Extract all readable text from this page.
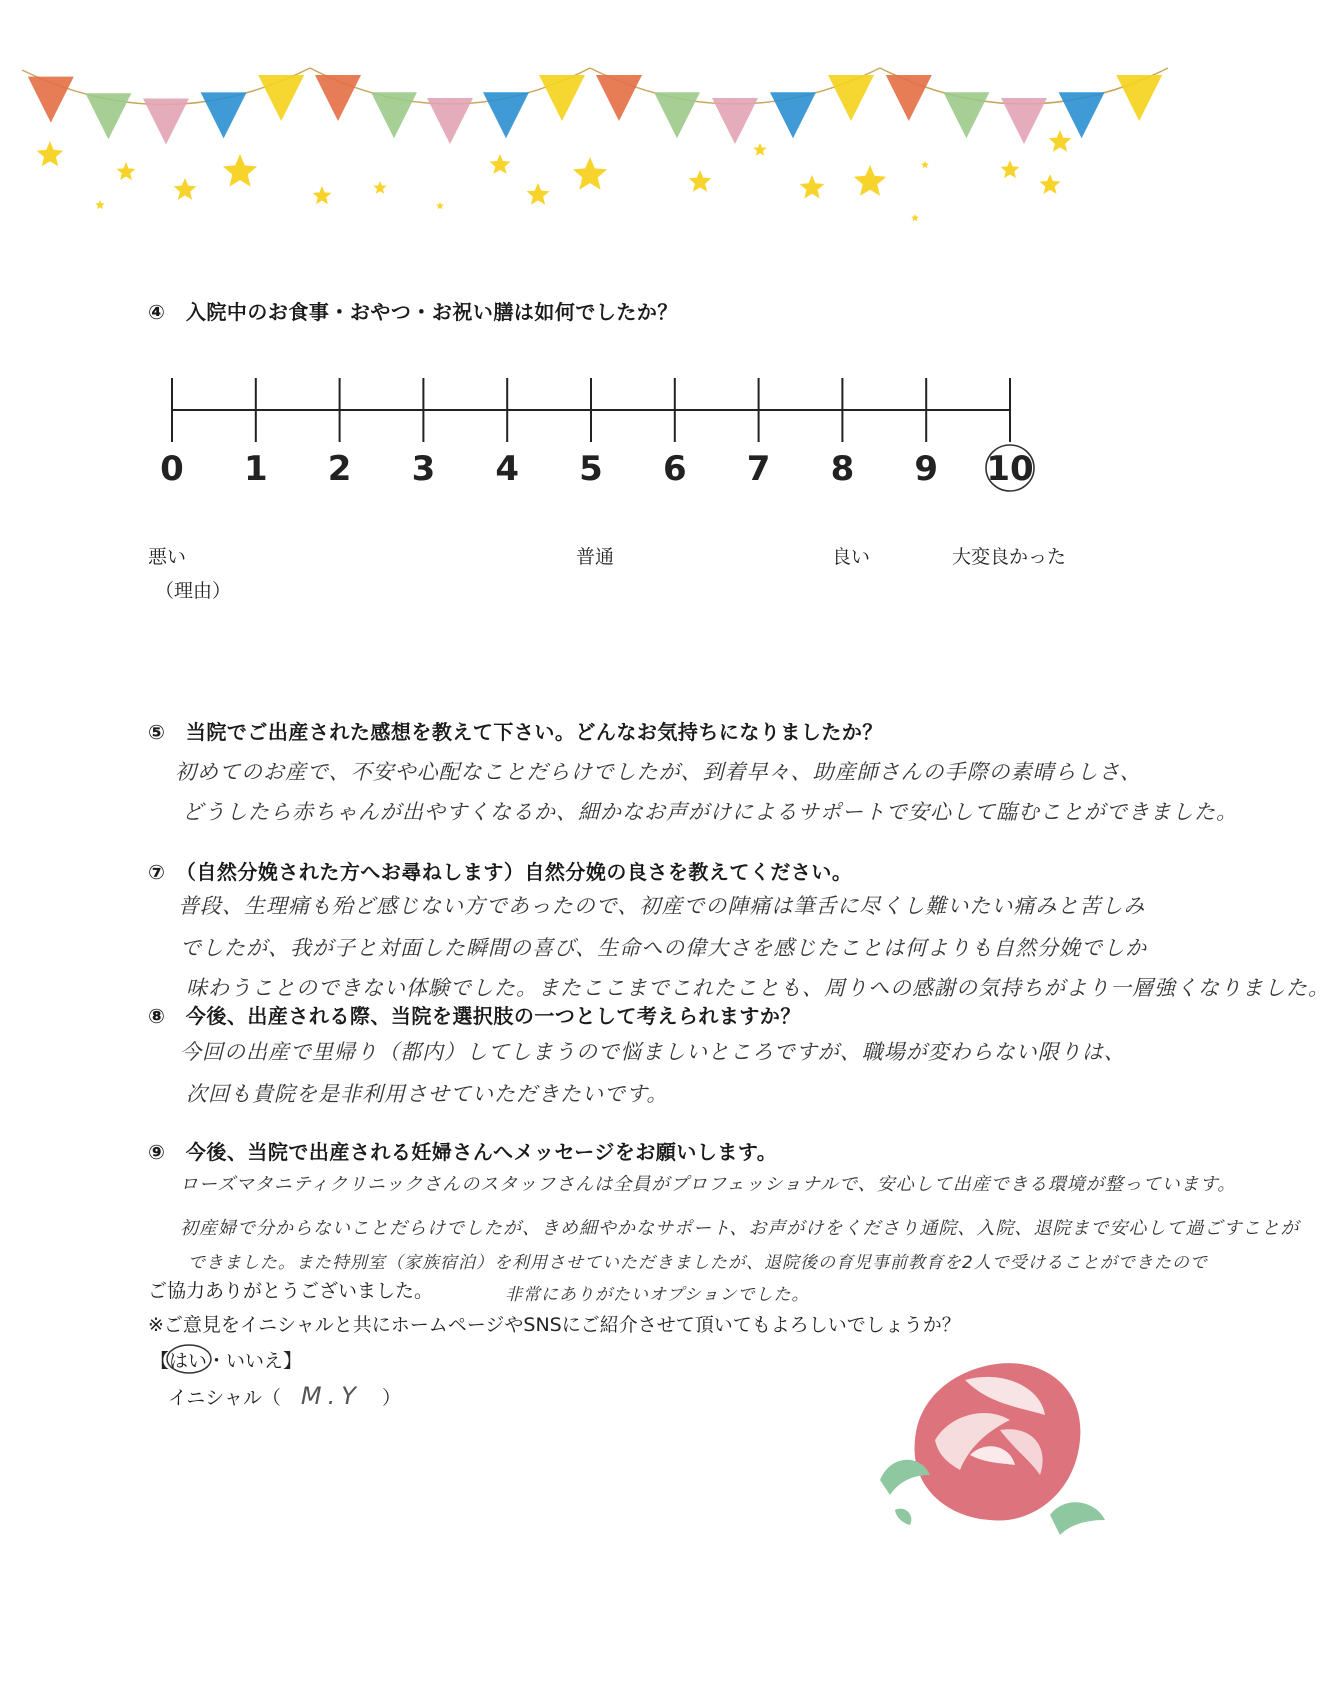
④　入院中のお食事・おやつ・お祝い膳は如何でしたか？
0 1 2 3 4 5 6 7 8 9 10
悪い
（理由）
普通	良い	大変良かった
⑤　当院でご出産された感想を教えて下さい。どんなお気持ちになりましたか？
初めてのお産で、不安や心配なことだらけでしたが、到着早々、助産師さんの手際の素晴らしさ、
どうしたら赤ちゃんが出やすくなるか、細かなお声がけによるサポートで安心して臨むことができました。
⑦　（自然分娩された方へお尋ねします）自然分娩の良さを教えてください。
普段、生理痛も殆ど感じない方であったので、初産での陣痛は筆舌に尽くし難いたい痛みと苦しみ
でしたが、我が子と対面した瞬間の喜び、生命への偉大さを感じたことは何よりも自然分娩でしか
味わうことのできない体験でした。またここまでこれたことも、周りへの感謝の気持ちがより一層強くなりました。
⑧　今後、出産される際、当院を選択肢の一つとして考えられますか？
今回の出産で里帰り（都内）してしまうので悩ましいところですが、職場が変わらない限りは、
次回も貴院を是非利用させていただきたいです。
⑨　今後、当院で出産される妊婦さんへメッセージをお願いします。
ローズマタニティクリニックさんのスタッフさんは全員がプロフェッショナルで、安心して出産できる環境が整っています。
初産婦で分からないことだらけでしたが、きめ細やかなサポート、お声がけをくださり通院、入院、退院まで安心して過ごすことが
できました。また特別室（家族宿泊）を利用させていただきましたが、退院後の育児事前教育を2人で受けることができたので
非常にありがたいオプションでした。
ご協力ありがとうございました。
※ご意見をイニシャルと共にホームページやSNSにご紹介させて頂いてもよろしいでしょうか？
【はい・いいえ】
イニシャル（ M.Y ）
